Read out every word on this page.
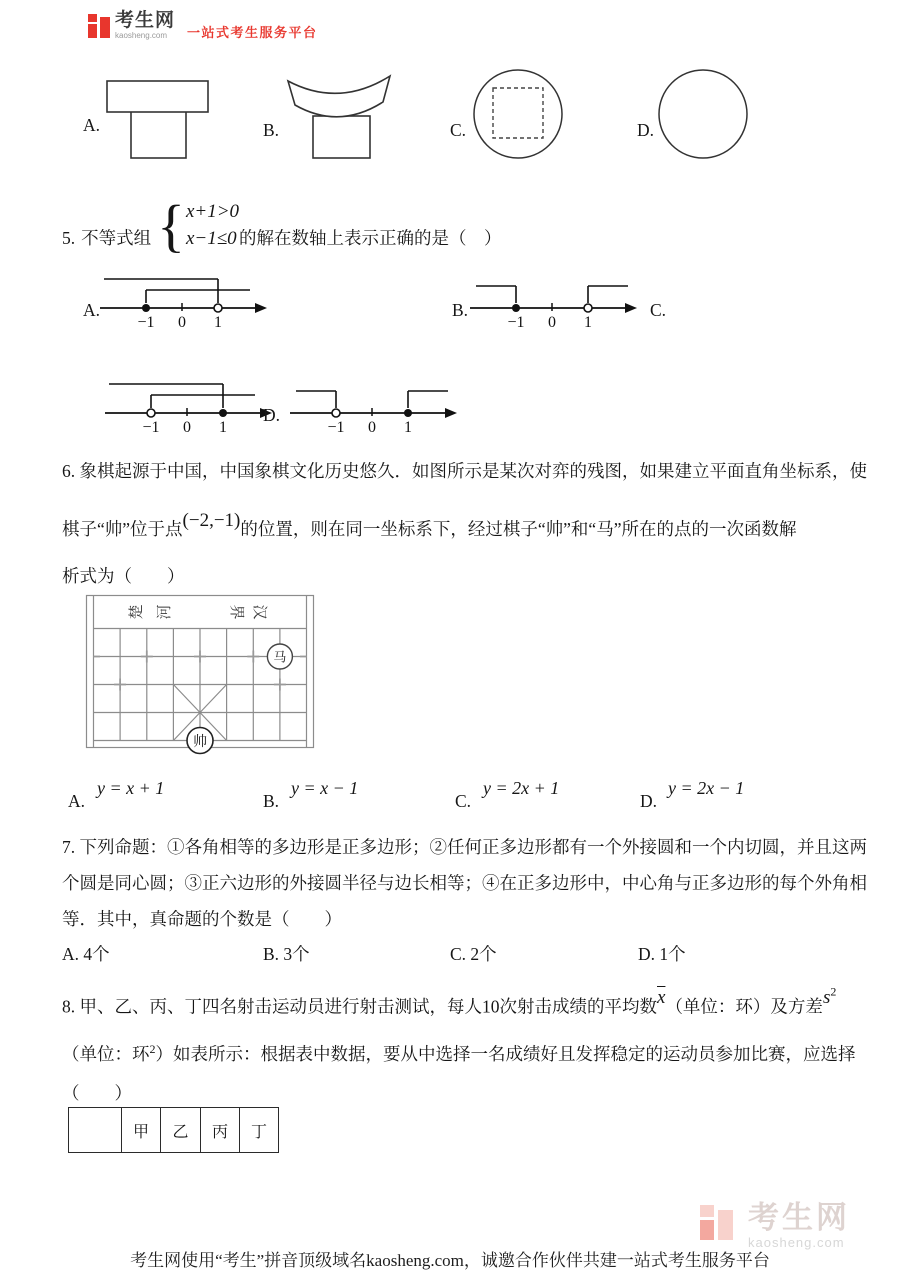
考生网
kaosheng.com
考生网
kaosheng.com	一站式考生服务平台
A.	B.	C.	D.
5. 不等式组 { x+1>0
x−1≤0 的解在数轴上表示正确的是（　）
A.
−1 0 1
B.
−1 0 1
C.
−1 0 1
D.
−1 0 1
6. 象棋起源于中国，中国象棋文化历史悠久．如图所示是某次对弈的残图，如果建立平面直角坐标系，使
棋子“帅”位于点(−2,−1)的位置，则在同一坐标系下，经过棋子“帅”和“马”所在的点的一次函数解
析式为（　　）
楚 河	界 汉
马
帅
A.
y = x + 1
B.
y = x − 1
C.
y = 2x + 1
D.
y = 2x − 1
7. 下列命题：①各角相等的多边形是正多边形；②任何正多边形都有一个外接圆和一个内切圆，并且这两
个圆是同心圆；③正六边形的外接圆半径与边长相等；④在正多边形中，中心角与正多边形的每个外角相
等．其中，真命题的个数是（　　）
A. 4个	B. 3个	C. 2个	D. 1个
8. 甲、乙、丙、丁四名射击运动员进行射击测试，每人10次射击成绩的平均数$\overline{x}$（单位：环）及方差$s^2$
（单位：环$^2$）如表所示：根据表中数据，要从中选择一名成绩好且发挥稳定的运动员参加比赛，应选择
（　　）
	甲	乙	丙	丁
考生网使用“考生”拼音顶级域名kaosheng.com，诚邀合作伙伴共建一站式考生服务平台
